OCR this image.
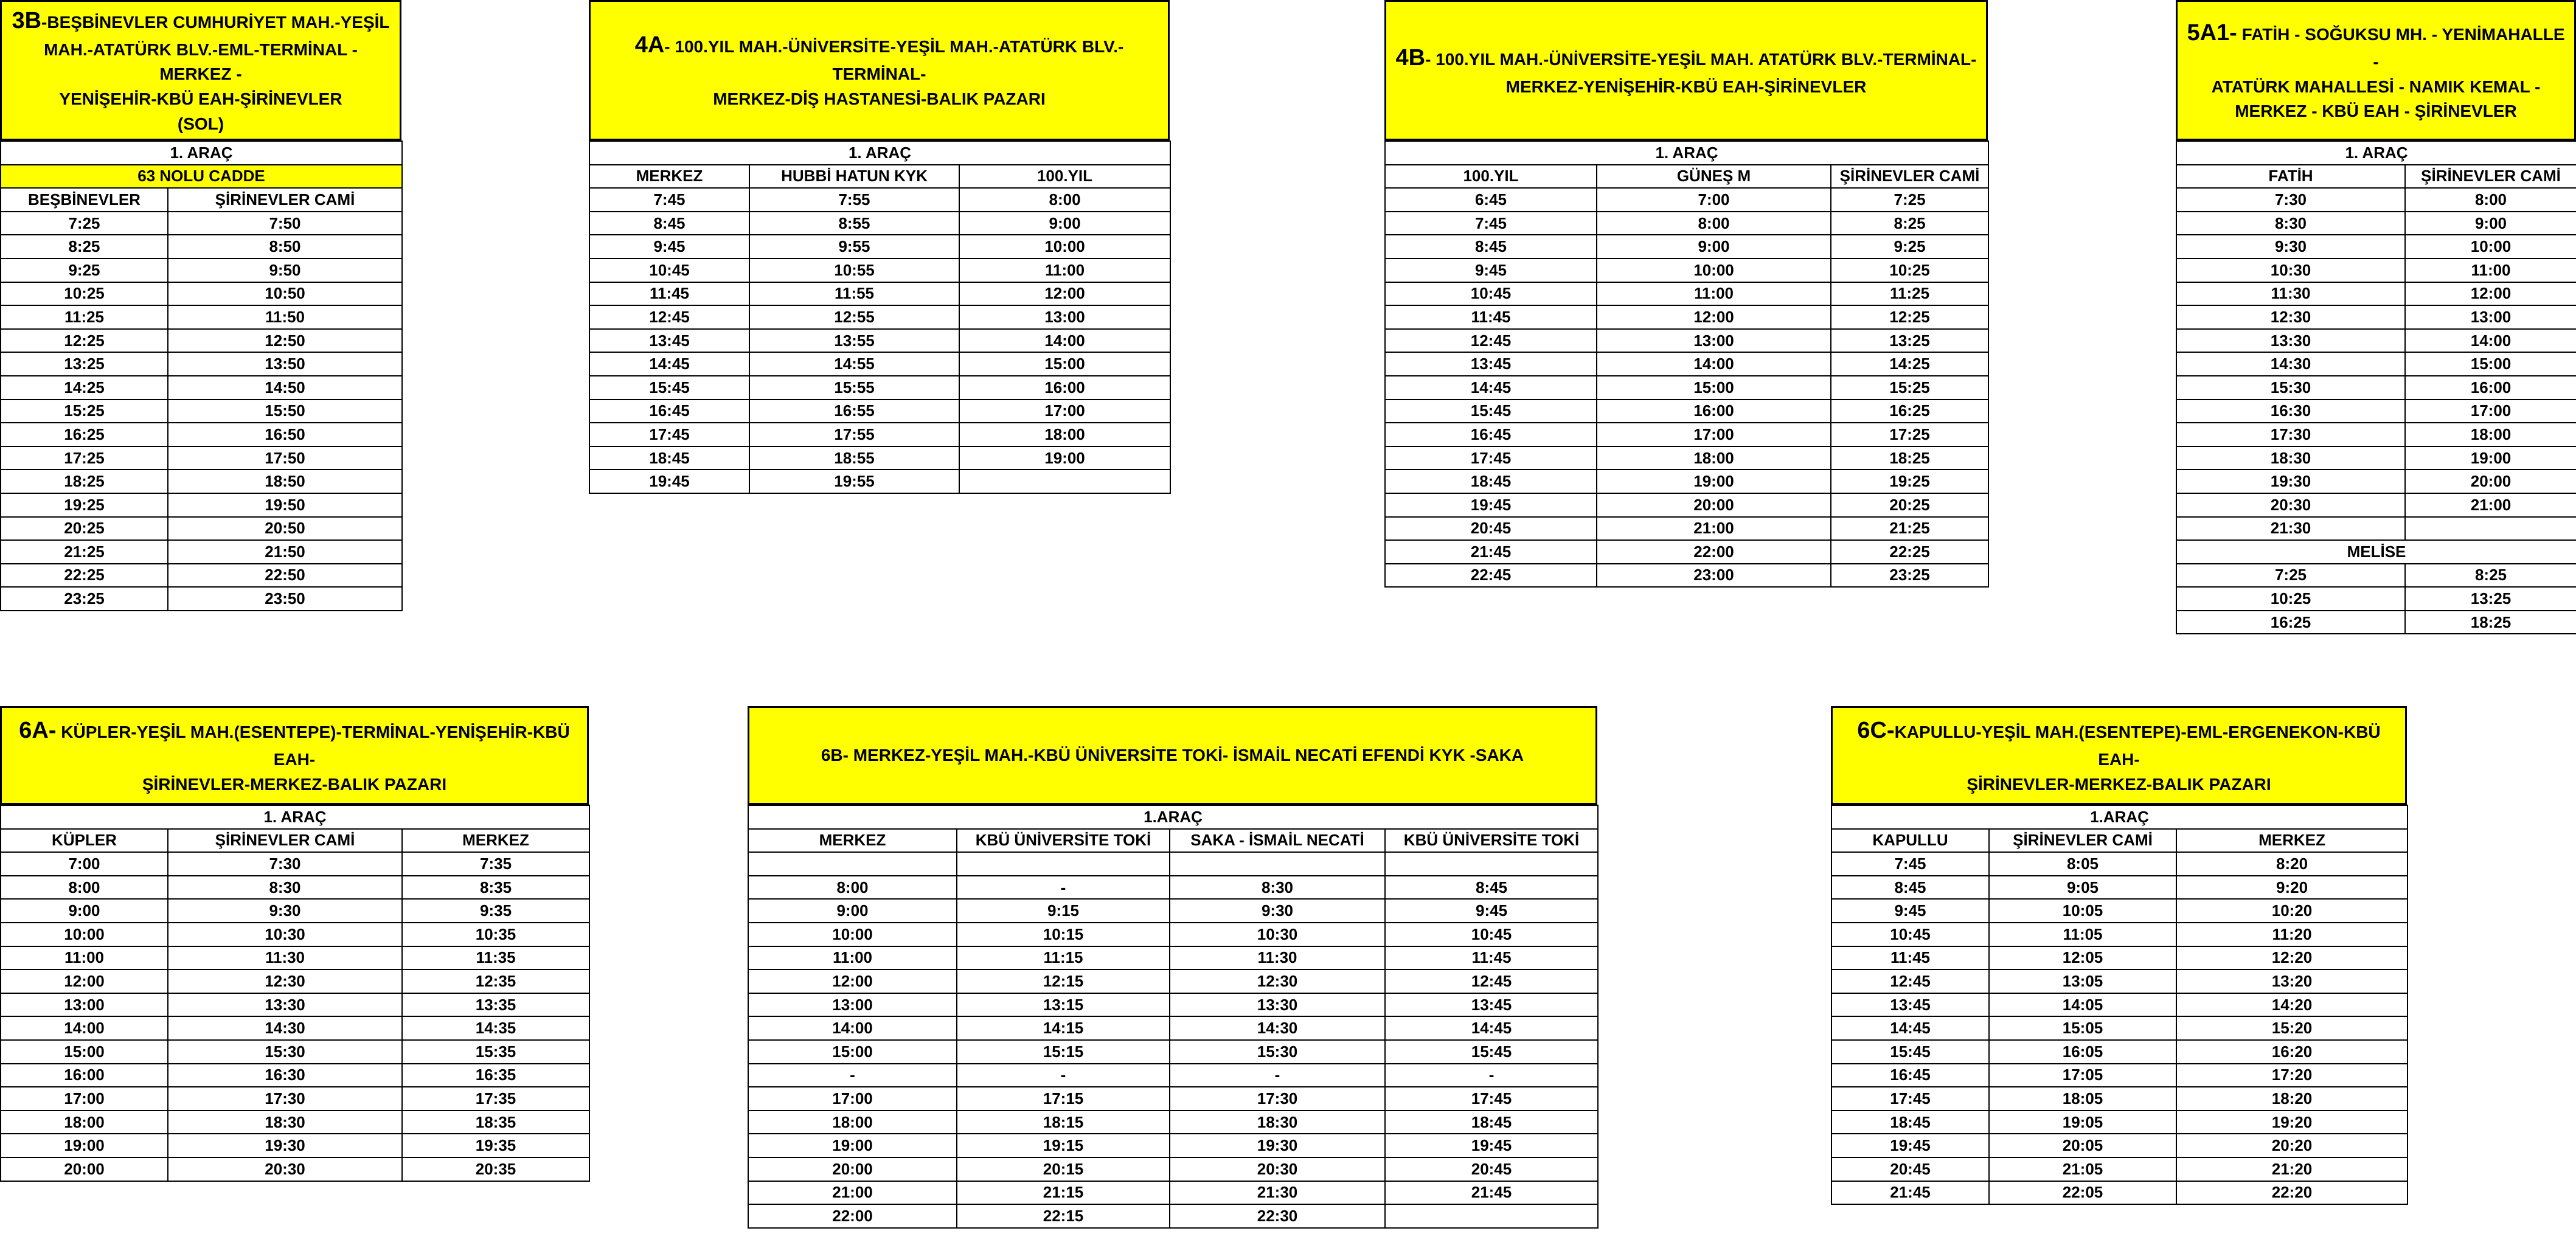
3B-BEŞBİNEVLER CUMHURİYET MAH.-YEŞİL
MAH.-ATATÜRK BLV.-EML-TERMİNAL - MERKEZ -
YENİŞEHİR-KBÜ EAH-ŞİRİNEVLER
(SOL)
1. ARAÇ	
63 NOLU CADDE	
BEŞBİNEVLER	ŞİRİNEVLER CAMİ
7:25	7:50
8:25	8:50
9:25	9:50
10:25	10:50
11:25	11:50
12:25	12:50
13:25	13:50
14:25	14:50
15:25	15:50
16:25	16:50
17:25	17:50
18:25	18:50
19:25	19:50
20:25	20:50
21:25	21:50
22:25	22:50
23:25	23:50
4A- 100.YIL MAH.-ÜNİVERSİTE-YEŞİL MAH.-ATATÜRK BLV.-TERMİNAL-
MERKEZ-DİŞ HASTANESİ-BALIK PAZARI
1. ARAÇ		
MERKEZ	HUBBİ HATUN KYK	100.YIL
7:45	7:55	8:00
8:45	8:55	9:00
9:45	9:55	10:00
10:45	10:55	11:00
11:45	11:55	12:00
12:45	12:55	13:00
13:45	13:55	14:00
14:45	14:55	15:00
15:45	15:55	16:00
16:45	16:55	17:00
17:45	17:55	18:00
18:45	18:55	19:00
19:45	19:55	
4B- 100.YIL MAH.-ÜNİVERSİTE-YEŞİL MAH. ATATÜRK BLV.-TERMİNAL-
MERKEZ-YENİŞEHİR-KBÜ EAH-ŞİRİNEVLER
1. ARAÇ		
100.YIL	GÜNEŞ M	ŞİRİNEVLER CAMİ
6:45	7:00	7:25
7:45	8:00	8:25
8:45	9:00	9:25
9:45	10:00	10:25
10:45	11:00	11:25
11:45	12:00	12:25
12:45	13:00	13:25
13:45	14:00	14:25
14:45	15:00	15:25
15:45	16:00	16:25
16:45	17:00	17:25
17:45	18:00	18:25
18:45	19:00	19:25
19:45	20:00	20:25
20:45	21:00	21:25
21:45	22:00	22:25
22:45	23:00	23:25
5A1- FATİH - SOĞUKSU MH. - YENİMAHALLE -
ATATÜRK MAHALLESİ - NAMIK KEMAL -
MERKEZ - KBÜ EAH - ŞİRİNEVLER
1. ARAÇ	
FATİH	ŞİRİNEVLER CAMİ
7:30	8:00
8:30	9:00
9:30	10:00
10:30	11:00
11:30	12:00
12:30	13:00
13:30	14:00
14:30	15:00
15:30	16:00
16:30	17:00
17:30	18:00
18:30	19:00
19:30	20:00
20:30	21:00
21:30	
MELİSE	
7:25	8:25
10:25	13:25
16:25	18:25
6A- KÜPLER-YEŞİL MAH.(ESENTEPE)-TERMİNAL-YENİŞEHİR-KBÜ EAH-
ŞİRİNEVLER-MERKEZ-BALIK PAZARI
1. ARAÇ		
KÜPLER	ŞİRİNEVLER CAMİ	MERKEZ
7:00	7:30	7:35
8:00	8:30	8:35
9:00	9:30	9:35
10:00	10:30	10:35
11:00	11:30	11:35
12:00	12:30	12:35
13:00	13:30	13:35
14:00	14:30	14:35
15:00	15:30	15:35
16:00	16:30	16:35
17:00	17:30	17:35
18:00	18:30	18:35
19:00	19:30	19:35
20:00	20:30	20:35
6B- MERKEZ-YEŞİL MAH.-KBÜ ÜNİVERSİTE TOKİ- İSMAİL NECATİ EFENDİ KYK -SAKA
1.ARAÇ			
MERKEZ	KBÜ ÜNİVERSİTE TOKİ	SAKA - İSMAİL NECATİ	KBÜ ÜNİVERSİTE TOKİ

8:00	-	8:30	8:45
9:00	9:15	9:30	9:45
10:00	10:15	10:30	10:45
11:00	11:15	11:30	11:45
12:00	12:15	12:30	12:45
13:00	13:15	13:30	13:45
14:00	14:15	14:30	14:45
15:00	15:15	15:30	15:45
-	-	-	-
17:00	17:15	17:30	17:45
18:00	18:15	18:30	18:45
19:00	19:15	19:30	19:45
20:00	20:15	20:30	20:45
21:00	21:15	21:30	21:45
22:00	22:15	22:30	
6C-KAPULLU-YEŞİL MAH.(ESENTEPE)-EML-ERGENEKON-KBÜ EAH-
ŞİRİNEVLER-MERKEZ-BALIK PAZARI
1.ARAÇ		
KAPULLU	ŞİRİNEVLER CAMİ	MERKEZ
7:45	8:05	8:20
8:45	9:05	9:20
9:45	10:05	10:20
10:45	11:05	11:20
11:45	12:05	12:20
12:45	13:05	13:20
13:45	14:05	14:20
14:45	15:05	15:20
15:45	16:05	16:20
16:45	17:05	17:20
17:45	18:05	18:20
18:45	19:05	19:20
19:45	20:05	20:20
20:45	21:05	21:20
21:45	22:05	22:20
